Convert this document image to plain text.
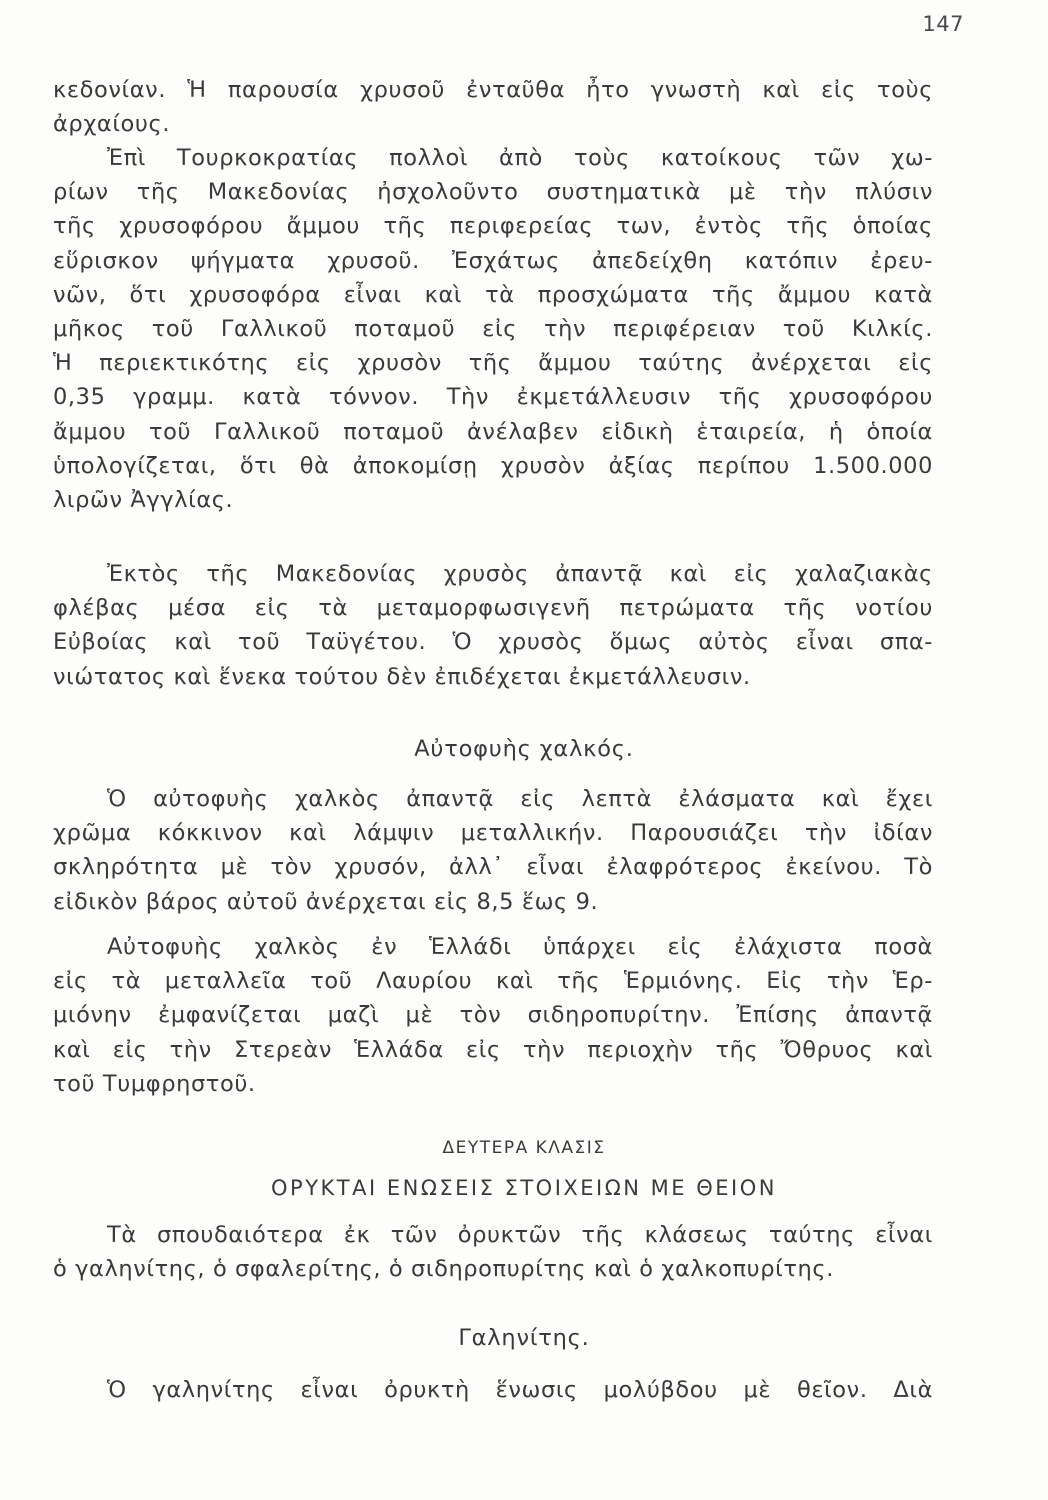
147
κεδονίαν. Ἡ παρουσία χρυσοῦ ἐνταῦθα ἦτο γνωστὴ καὶ εἰς τοὺς
ἀρχαίους.
Ἐπὶ Τουρκοκρατίας πολλοὶ ἀπὸ τοὺς κατοίκους τῶν χω-
ρίων τῆς Μακεδονίας ἠσχολοῦντο συστηματικὰ μὲ τὴν πλύσιν
τῆς χρυσοφόρου ἄμμου τῆς περιφερείας των, ἐντὸς τῆς ὁποίας
εὕρισκον ψήγματα χρυσοῦ. Ἐσχάτως ἀπεδείχθη κατόπιν ἐρευ-
νῶν, ὅτι χρυσοφόρα εἶναι καὶ τὰ προσχώματα τῆς ἄμμου κατὰ
μῆκος τοῦ Γαλλικοῦ ποταμοῦ εἰς τὴν περιφέρειαν τοῦ Κιλκίς.
Ἡ περιεκτικότης εἰς χρυσὸν τῆς ἄμμου ταύτης ἀνέρχεται εἰς
0,35 γραμμ. κατὰ τόννον. Τὴν ἐκμετάλλευσιν τῆς χρυσοφόρου
ἄμμου τοῦ Γαλλικοῦ ποταμοῦ ἀνέλαβεν εἰδικὴ ἑταιρεία, ἡ ὁποία
ὑπολογίζεται, ὅτι θὰ ἀποκομίσῃ χρυσὸν ἀξίας περίπου 1.500.000
λιρῶν Ἀγγλίας.
Ἐκτὸς τῆς Μακεδονίας χρυσὸς ἀπαντᾷ καὶ εἰς χαλαζιακὰς
φλέβας μέσα εἰς τὰ μεταμορφωσιγενῆ πετρώματα τῆς νοτίου
Εὐβοίας καὶ τοῦ Ταϋγέτου. Ὁ χρυσὸς ὅμως αὐτὸς εἶναι σπα-
νιώτατος καὶ ἕνεκα τούτου δὲν ἐπιδέχεται ἐκμετάλλευσιν.
Αὐτοφυὴς χαλκός.
Ὁ αὐτοφυὴς χαλκὸς ἀπαντᾷ εἰς λεπτὰ ἐλάσματα καὶ ἔχει
χρῶμα κόκκινον καὶ λάμψιν μεταλλικήν. Παρουσιάζει τὴν ἰδίαν
σκληρότητα μὲ τὸν χρυσόν, ἀλλ᾽ εἶναι ἐλαφρότερος ἐκείνου. Τὸ
εἰδικὸν βάρος αὐτοῦ ἀνέρχεται εἰς 8,5 ἕως 9.
Αὐτοφυὴς χαλκὸς ἐν Ἑλλάδι ὑπάρχει εἰς ἐλάχιστα ποσὰ
εἰς τὰ μεταλλεῖα τοῦ Λαυρίου καὶ τῆς Ἑρμιόνης. Εἰς τὴν Ἑρ-
μιόνην ἐμφανίζεται μαζὶ μὲ τὸν σιδηροπυρίτην. Ἐπίσης ἀπαντᾷ
καὶ εἰς τὴν Στερεὰν Ἑλλάδα εἰς τὴν περιοχὴν τῆς Ὄθρυος καὶ
τοῦ Τυμφρηστοῦ.
ΔΕΥΤΕΡΑ ΚΛΑΣΙΣ
ΟΡΥΚΤΑΙ ΕΝΩΣΕΙΣ ΣΤΟΙΧΕΙΩΝ ΜΕ ΘΕΙΟΝ
Τὰ σπουδαιότερα ἐκ τῶν ὀρυκτῶν τῆς κλάσεως ταύτης εἶναι
ὁ γαληνίτης, ὁ σφαλερίτης, ὁ σιδηροπυρίτης καὶ ὁ χαλκοπυρίτης.
Γαληνίτης.
Ὁ γαληνίτης εἶναι ὀρυκτὴ ἕνωσις μολύβδου μὲ θεῖον. Διὰ
